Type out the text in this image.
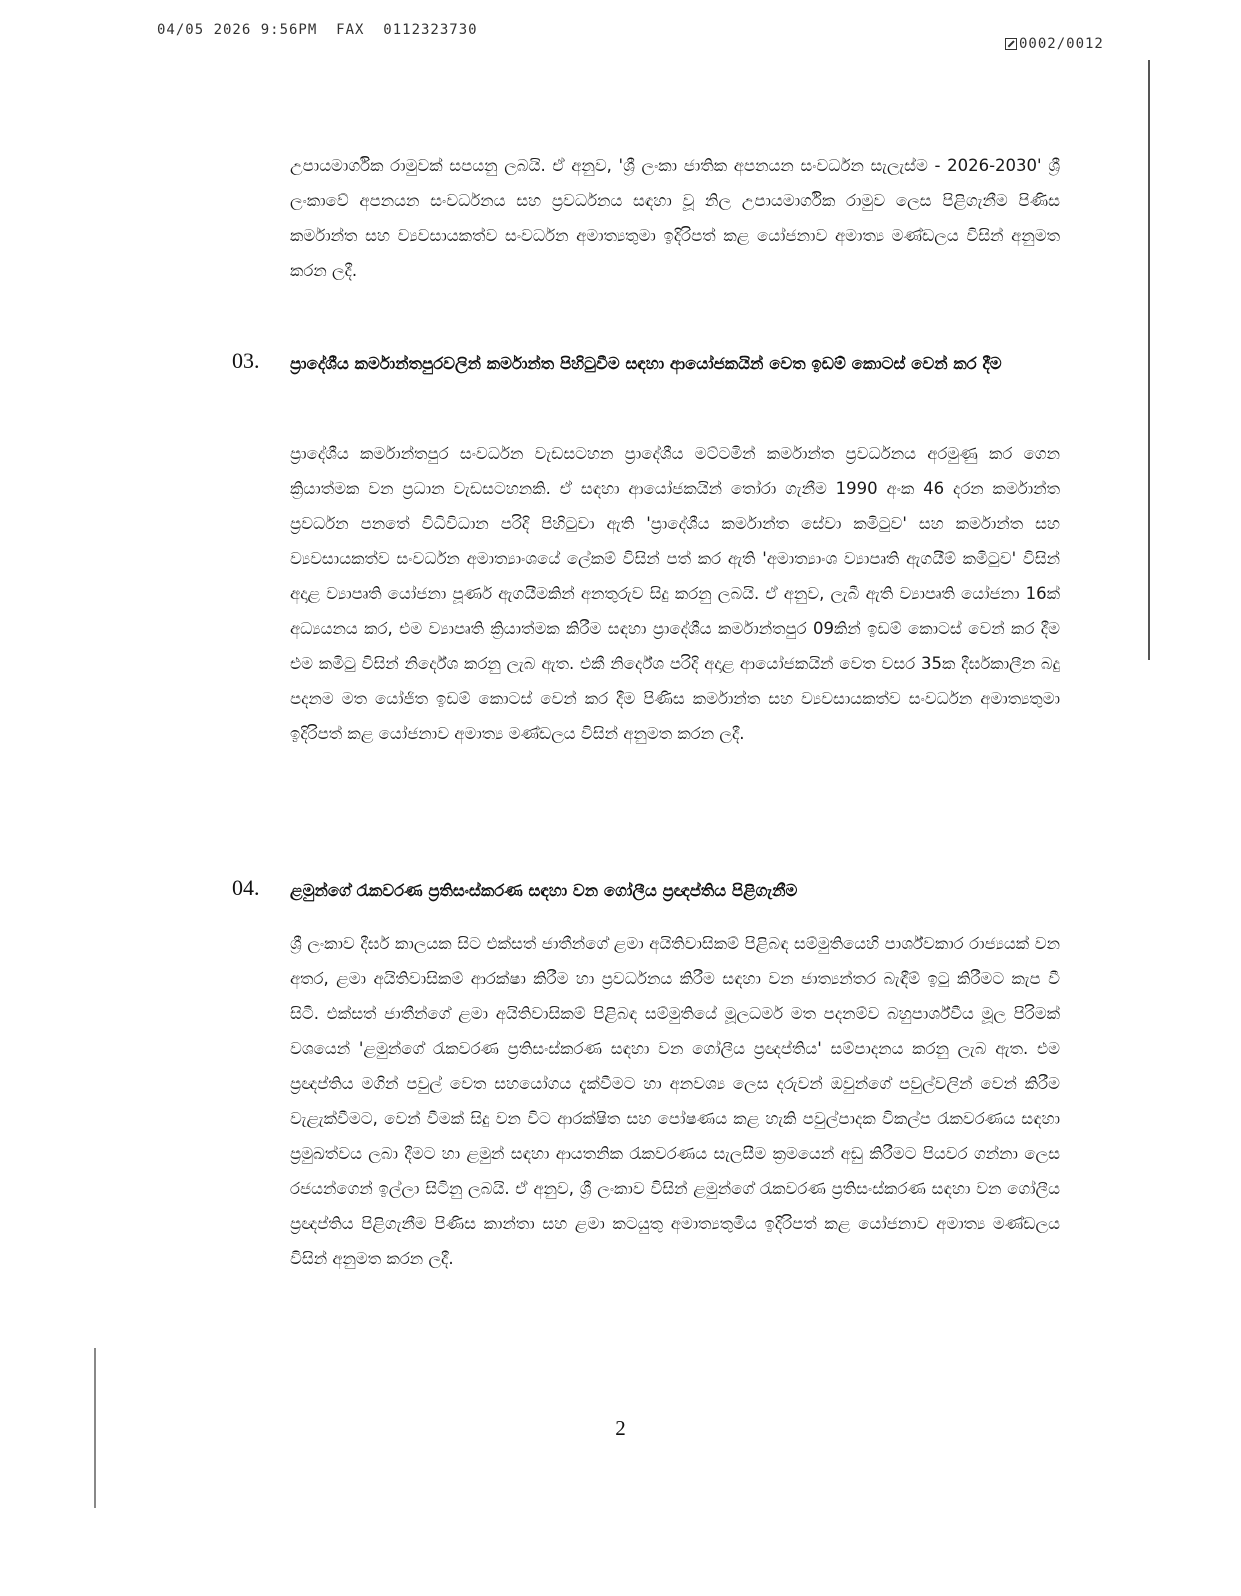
04/05 2026 9:56PM  FAX  0112323730
0002/0012
උපායමාර්ගික රාමුවක් සපයනු ලබයි. ඒ අනුව, 'ශ්‍රී ලංකා ජාතික අපනයන සංවර්ධන සැලැස්ම - 2026-2030' ශ්‍රී ලංකාවේ අපනයන සංවර්ධනය සහ ප්‍රවර්ධනය සඳහා වූ නිල උපායමාර්ගික රාමුව ලෙස පිළිගැනීම පිණිස කර්මාන්ත සහ ව්‍යවසායකත්ව සංවර්ධන අමාත්‍යතුමා ඉදිරිපත් කළ යෝජනාව අමාත්‍ය මණ්ඩලය විසින් අනුමත කරන ලදී.
03. ප්‍රාදේශීය කර්මාන්තපුරවලින් කර්මාන්ත පිහිටුවීම සඳහා ආයෝජකයින් වෙත ඉඩම් කොටස් වෙන් කර දීම
ප්‍රාදේශීය කර්මාන්තපුර සංවර්ධන වැඩසටහන ප්‍රාදේශීය මට්ටමින් කර්මාන්ත ප්‍රවර්ධනය අරමුණු කර ගෙන ක්‍රියාත්මක වන ප්‍රධාන වැඩසටහනකි. ඒ සඳහා ආයෝජකයින් තෝරා ගැනීම 1990 අංක 46 දරන කර්මාන්ත ප්‍රවර්ධන පනතේ විධිවිධාන පරිදි පිහිටුවා ඇති 'ප්‍රාදේශීය කර්මාන්ත සේවා කමිටුව' සහ කර්මාන්ත සහ ව්‍යවසායකත්ව සංවර්ධන අමාත්‍යාංශයේ ලේකම් විසින් පත් කර ඇති 'අමාත්‍යාංශ ව්‍යාපෘති ඇගයීම් කමිටුව' විසින් අදාළ ව්‍යාපෘති යෝජනා පූර්ණ ඇගයීමකින් අනතුරුව සිදු කරනු ලබයි. ඒ අනුව, ලැබී ඇති ව්‍යාපෘති යෝජනා 16ක් අධ්‍යයනය කර, එම ව්‍යාපෘති ක්‍රියාත්මක කිරීම සඳහා ප්‍රාදේශීය කර්මාන්තපුර 09කින් ඉඩම් කොටස් වෙන් කර දීම එම කමිටු විසින් නිර්දේශ කරනු ලැබ ඇත. එකී නිර්දේශ පරිදි අදාළ ආයෝජකයින් වෙත වසර 35ක දීර්ඝකාලීන බදු පදනම මත යෝජිත ඉඩම් කොටස් වෙන් කර දීම පිණිස කර්මාන්ත සහ ව්‍යවසායකත්ව සංවර්ධන අමාත්‍යතුමා ඉදිරිපත් කළ යෝජනාව අමාත්‍ය මණ්ඩලය විසින් අනුමත කරන ලදී.
04. ළමුන්ගේ රැකවරණ ප්‍රතිසංස්කරණ සඳහා වන ගෝලීය ප්‍රඥප්තිය පිළිගැනීම
ශ්‍රී ලංකාව දීර්ඝ කාලයක සිට එක්සත් ජාතීන්ගේ ළමා අයිතිවාසිකම් පිළිබඳ සම්මුතියෙහි පාර්ශ්වකාර රාජ්‍යයක් වන අතර, ළමා අයිතිවාසිකම් ආරක්ෂා කිරීම හා ප්‍රවර්ධනය කිරීම සඳහා වන ජාත්‍යන්තර බැඳීම් ඉටු කිරීමට කැප වී සිටී. එක්සත් ජාතීන්ගේ ළමා අයිතිවාසිකම් පිළිබඳ සම්මුතියේ මූලධර්ම මත පදනම්ව බහුපාර්ශ්වීය මූල පිරිමක් වශයෙන් 'ළමුන්ගේ රැකවරණ ප්‍රතිසංස්කරණ සඳහා වන ගෝලීය ප්‍රඥප්තිය' සම්පාදනය කරනු ලැබ ඇත. එම ප්‍රඥප්තිය මගින් පවුල් වෙත සහයෝගය දැක්වීමට හා අනවශ්‍ය ලෙස දරුවන් ඔවුන්ගේ පවුල්වලින් වෙන් කිරීම වැළැක්වීමට, වෙන් වීමක් සිදු වන විට ආරක්ෂිත සහ පෝෂණය කළ හැකි පවුල්පාදක විකල්ප රැකවරණය සඳහා ප්‍රමුඛත්වය ලබා දීමට හා ළමුන් සඳහා ආයතනික රැකවරණය සැලසීම ක්‍රමයෙන් අඩු කිරීමට පියවර ගන්නා ලෙස රජයන්ගෙන් ඉල්ලා සිටිනු ලබයි. ඒ අනුව, ශ්‍රී ලංකාව විසින් ළමුන්ගේ රැකවරණ ප්‍රතිසංස්කරණ සඳහා වන ගෝලීය ප්‍රඥප්තිය පිළිගැනීම පිණිස කාන්තා සහ ළමා කටයුතු අමාත්‍යතුමිය ඉදිරිපත් කළ යෝජනාව අමාත්‍ය මණ්ඩලය විසින් අනුමත කරන ලදී.
2
